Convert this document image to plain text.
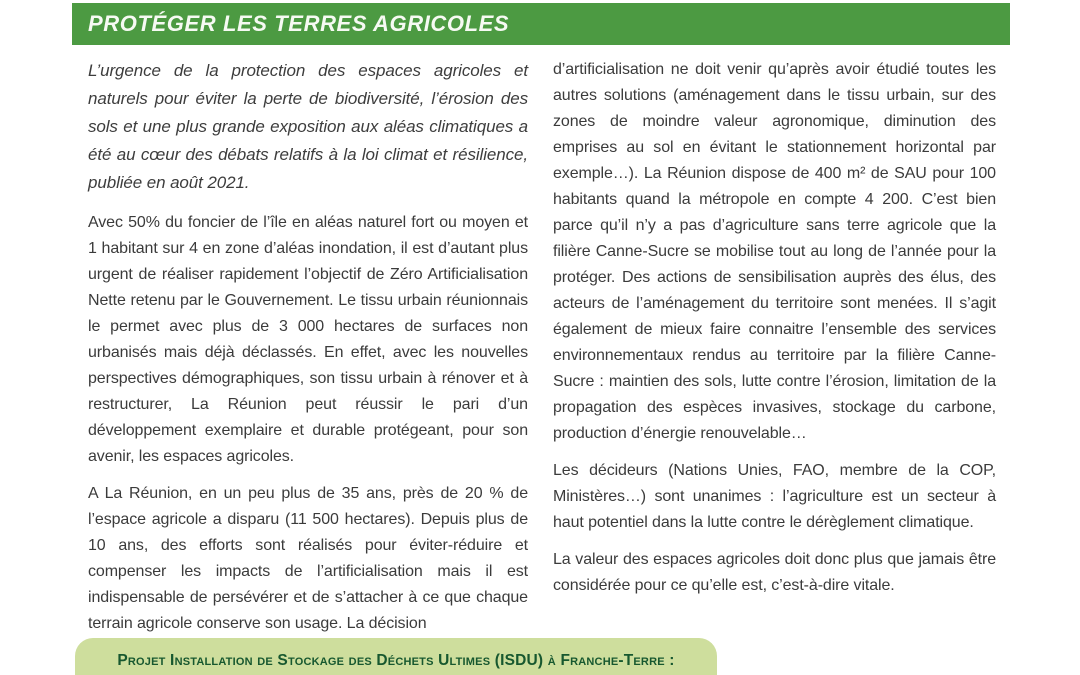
PROTÉGER LES TERRES AGRICOLES

L’urgence de la protection des espaces agricoles et naturels pour éviter la perte de biodiversité, l’érosion des sols et une plus grande exposition aux aléas climatiques a été au cœur des débats relatifs à la loi climat et résilience, publiée en août 2021.

Avec 50% du foncier de l’île en aléas naturel fort ou moyen et 1 habitant sur 4 en zone d’aléas inondation, il est d’autant plus urgent de réaliser rapidement l’objectif de Zéro Artificialisation Nette retenu par le Gouvernement. Le tissu urbain réunionnais le permet avec plus de 3 000 hectares de surfaces non urbanisés mais déjà déclassés. En effet, avec les nouvelles perspectives démographiques, son tissu urbain à rénover et à restructurer, La Réunion peut réussir le pari d’un développement exemplaire et durable protégeant, pour son avenir, les espaces agricoles.

A La Réunion, en un peu plus de 35 ans, près de 20 % de l’espace agricole a disparu (11 500 hectares). Depuis plus de 10 ans, des efforts sont réalisés pour éviter-réduire et compenser les impacts de l’artificialisation mais il est indispensable de persévérer et de s’attacher à ce que chaque terrain agricole conserve son usage. La décision

d’artificialisation ne doit venir qu’après avoir étudié toutes les autres solutions (aménagement dans le tissu urbain, sur des zones de moindre valeur agronomique, diminution des emprises au sol en évitant le stationnement horizontal par exemple…). La Réunion dispose de 400 m² de SAU pour 100 habitants quand la métropole en compte 4 200. C’est bien parce qu’il n’y a pas d’agriculture sans terre agricole que la filière Canne-Sucre se mobilise tout au long de l’année pour la protéger. Des actions de sensibilisation auprès des élus, des acteurs de l’aménagement du territoire sont menées. Il s’agit également de mieux faire connaitre l’ensemble des services environnementaux rendus au territoire par la filière Canne-Sucre : maintien des sols, lutte contre l’érosion, limitation de la propagation des espèces invasives, stockage du carbone, production d’énergie renouvelable…

Les décideurs (Nations Unies, FAO, membre de la COP, Ministères…) sont unanimes : l’agriculture est un secteur à haut potentiel dans la lutte contre le dérèglement climatique.

La valeur des espaces agricoles doit donc plus que jamais être considérée pour ce qu’elle est, c’est-à-dire vitale.

Projet Installation de Stockage des Déchets Ultimes (ISDU) à Franche-Terre :
